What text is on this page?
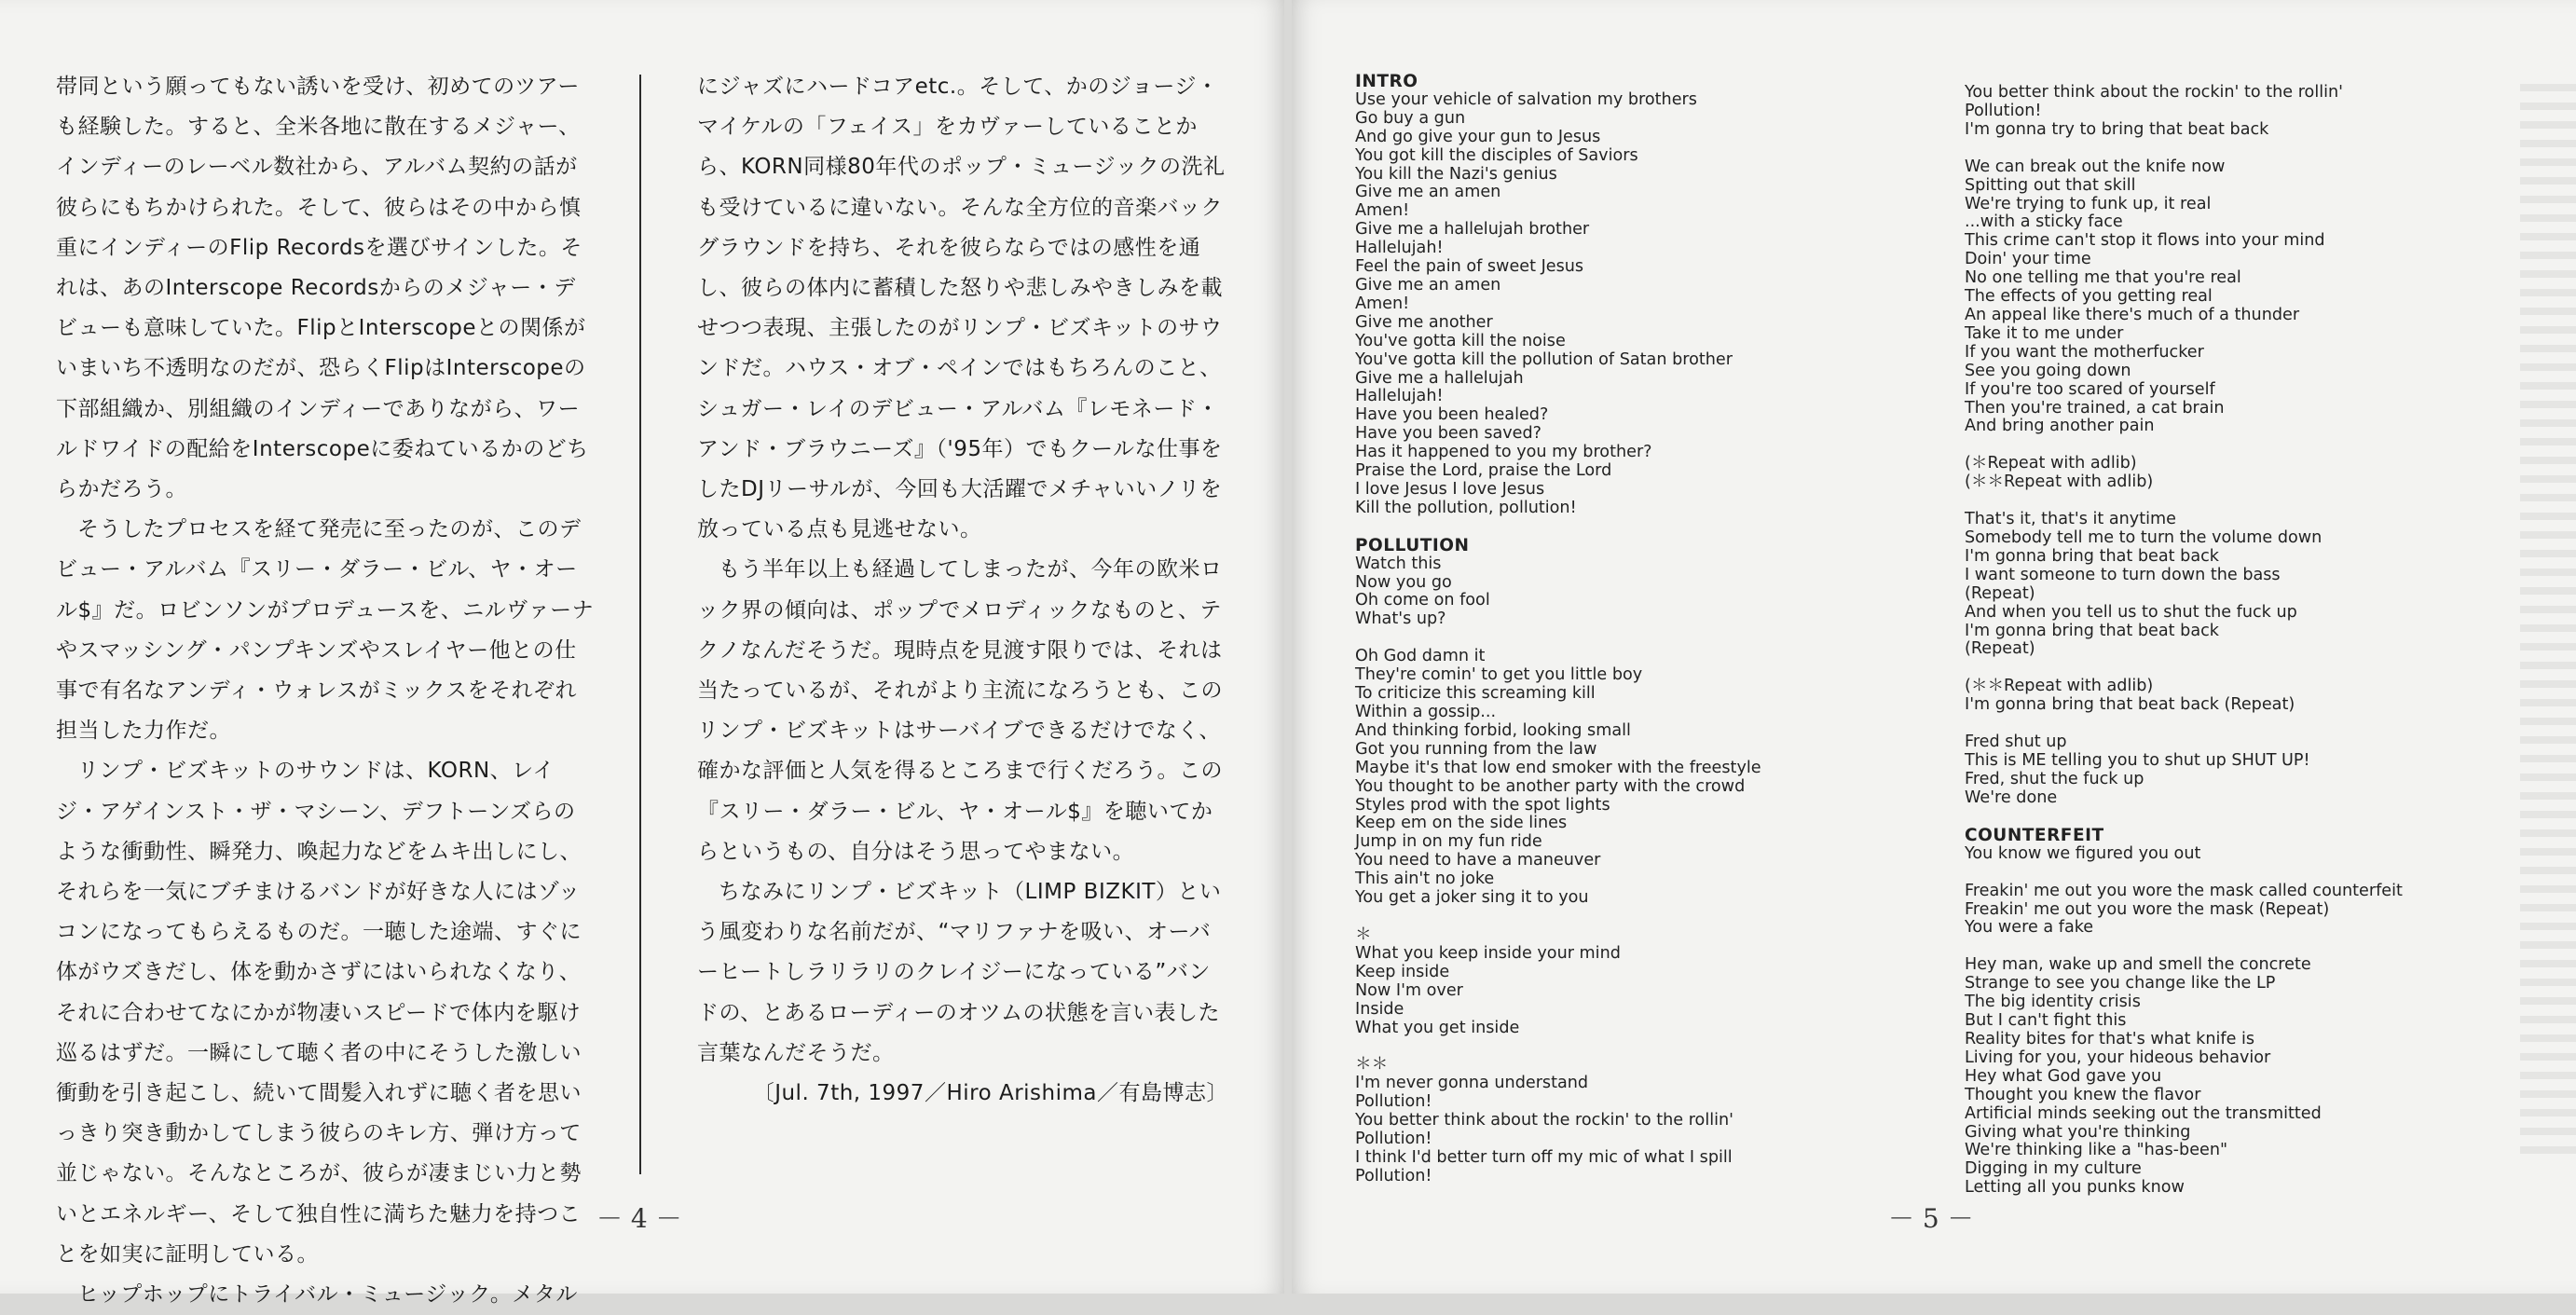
帯同という願ってもない誘いを受け、初めてのツアーも経験した。すると、全米各地に散在するメジャー、インディーのレーベル数社から、アルバム契約の話が彼らにもちかけられた。そして、彼らはその中から慎重にインディーのFlip Recordsを選びサインした。それは、あのInterscope Recordsからのメジャー・デビューも意味していた。FlipとInterscopeとの関係がいまいち不透明なのだが、恐らくFlipはInterscopeの下部組織か、別組織のインディーでありながら、ワールドワイドの配給をInterscopeに委ねているかのどちらかだろう。

そうしたプロセスを経て発売に至ったのが、このデビュー・アルバム『スリー・ダラー・ビル、ヤ・オール$』だ。ロビンソンがプロデュースを、ニルヴァーナやスマッシング・パンプキンズやスレイヤー他との仕事で有名なアンディ・ウォレスがミックスをそれぞれ担当した力作だ。

リンプ・ビズキットのサウンドは、KORN、レイジ・アゲインスト・ザ・マシーン、デフトーンズらのような衝動性、瞬発力、喚起力などをムキ出しにし、それらを一気にブチまけるバンドが好きな人にはゾッコンになってもらえるものだ。一聴した途端、すぐに体がウズきだし、体を動かさずにはいられなくなり、それに合わせてなにかが物凄いスピードで体内を駆け巡るはずだ。一瞬にして聴く者の中にそうした激しい衝動を引き起こし、続いて間髪入れずに聴く者を思いっきり突き動かしてしまう彼らのキレ方、弾け方って並じゃない。そんなところが、彼らが凄まじい力と勢いとエネルギー、そして独自性に満ちた魅力を持つことを如実に証明している。

ヒップホップにトライバル・ミュージック。メタル

にジャズにハードコアetc.。そして、かのジョージ・マイケルの「フェイス」をカヴァーしていることから、KORN同様80年代のポップ・ミュージックの洗礼も受けているに違いない。そんな全方位的音楽バックグラウンドを持ち、それを彼らならではの感性を通し、彼らの体内に蓄積した怒りや悲しみやきしみを載せつつ表現、主張したのがリンプ・ビズキットのサウンドだ。ハウス・オブ・ペインではもちろんのこと、シュガー・レイのデビュー・アルバム『レモネード・アンド・ブラウニーズ』（'95年）でもクールな仕事をしたDJリーサルが、今回も大活躍でメチャいいノリを放っている点も見逃せない。

もう半年以上も経過してしまったが、今年の欧米ロック界の傾向は、ポップでメロディックなものと、テクノなんだそうだ。現時点を見渡す限りでは、それは当たっているが、それがより主流になろうとも、このリンプ・ビズキットはサーバイブできるだけでなく、確かな評価と人気を得るところまで行くだろう。この『スリー・ダラー・ビル、ヤ・オール$』を聴いてからというもの、自分はそう思ってやまない。

ちなみにリンプ・ビズキット（LIMP BIZKIT）という風変わりな名前だが、“マリファナを吸い、オーバーヒートしラリラリのクレイジーになっている”バンドの、とあるローディーのオツムの状態を言い表した言葉なんだそうだ。

〔Jul. 7th, 1997／Hiro Arishima／有島博志〕

－ 4 －
INTRO
Use your vehicle of salvation my brothers
Go buy a gun
And go give your gun to Jesus
You got kill the disciples of Saviors
You kill the Nazi's genius
Give me an amen
Amen!
Give me a hallelujah brother
Hallelujah!
Feel the pain of sweet Jesus
Give me an amen
Amen!
Give me another
You've gotta kill the noise
You've gotta kill the pollution of Satan brother
Give me a hallelujah
Hallelujah!
Have you been healed?
Have you been saved?
Has it happened to you my brother?
Praise the Lord, praise the Lord
I love Jesus I love Jesus
Kill the pollution, pollution!
POLLUTION
Watch this
Now you go
Oh come on fool
What's up?
Oh God damn it
They're comin' to get you little boy
To criticize this screaming kill
Within a gossip...
And thinking forbid, looking small
Got you running from the law
Maybe it's that low end smoker with the freestyle
You thought to be another party with the crowd
Styles prod with the spot lights
Keep em on the side lines
Jump in on my fun ride
You need to have a maneuver
This ain't no joke
You get a joker sing it to you
＊
What you keep inside your mind
Keep inside
Now I'm over
Inside
What you get inside
＊＊
I'm never gonna understand
Pollution!
You better think about the rockin' to the rollin'
Pollution!
I think I'd better turn off my mic of what I spill
Pollution!
You better think about the rockin' to the rollin'
Pollution!
I'm gonna try to bring that beat back
We can break out the knife now
Spitting out that skill
We're trying to funk up, it real
...with a sticky face
This crime can't stop it flows into your mind
Doin' your time
No one telling me that you're real
The effects of you getting real
An appeal like there's much of a thunder
Take it to me under
If you want the motherfucker
See you going down
If you're too scared of yourself
Then you're trained, a cat brain
And bring another pain
(＊Repeat with adlib)
(＊＊Repeat with adlib)
That's it, that's it anytime
Somebody tell me to turn the volume down
I'm gonna bring that beat back
I want someone to turn down the bass
(Repeat)
And when you tell us to shut the fuck up
I'm gonna bring that beat back
(Repeat)
(＊＊Repeat with adlib)
I'm gonna bring that beat back (Repeat)
Fred shut up
This is ME telling you to shut up SHUT UP!
Fred, shut the fuck up
We're done
COUNTERFEIT
You know we figured you out
Freakin' me out you wore the mask called counterfeit
Freakin' me out you wore the mask (Repeat)
You were a fake
Hey man, wake up and smell the concrete
Strange to see you change like the LP
The big identity crisis
But I can't fight this
Reality bites for that's what knife is
Living for you, your hideous behavior
Hey what God gave you
Thought you knew the flavor
Artificial minds seeking out the transmitted
Giving what you're thinking
We're thinking like a "has-been"
Digging in my culture
Letting all you punks know
－ 5 －
